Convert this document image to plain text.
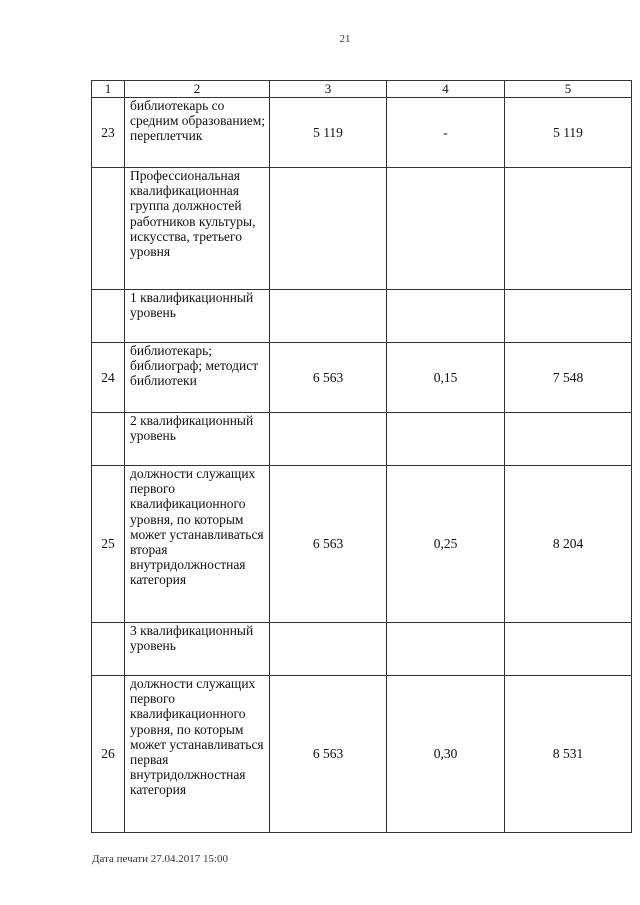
21
1	2	3	4	5
23	библиотекарь со средним образованием; переплетчик	5 119	-	5 119
	Профессиональная квалификационная группа должностей работников культуры, искусства, третьего уровня			
	1 квалификационный уровень			
24	библиотекарь; библиограф; методист библиотеки	6 563	0,15	7 548
	2 квалификационный уровень			
25	должности служащих первого квалификационного уровня, по которым может устанавливаться вторая внутридолжностная категория	6 563	0,25	8 204
	3 квалификационный уровень			
26	должности служащих первого квалификационного уровня, по которым может устанавливаться первая внутридолжностная категория	6 563	0,30	8 531
Дата печати 27.04.2017 15:00
